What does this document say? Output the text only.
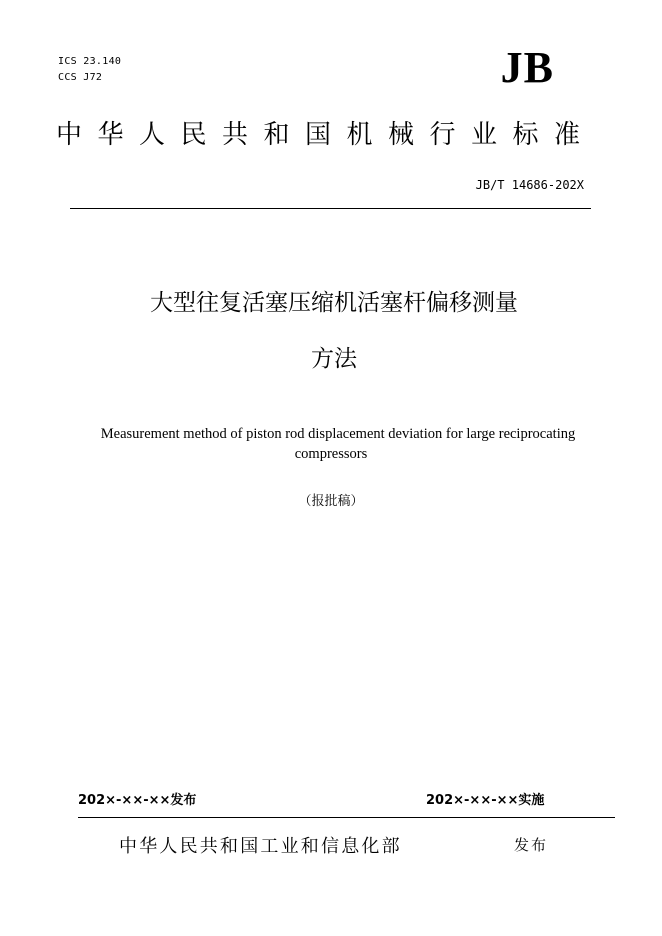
ICS 23.140
CCS J72	JB
中华人民共和国机械行业标准
JB/T 14686-202X
大型往复活塞压缩机活塞杆偏移测量
方法
Measurement method of piston rod displacement deviation for large reciprocating
compressors
（报批稿）
202×-××-××发布	202×-××-××实施
中华人民共和国工业和信息化部	发布
